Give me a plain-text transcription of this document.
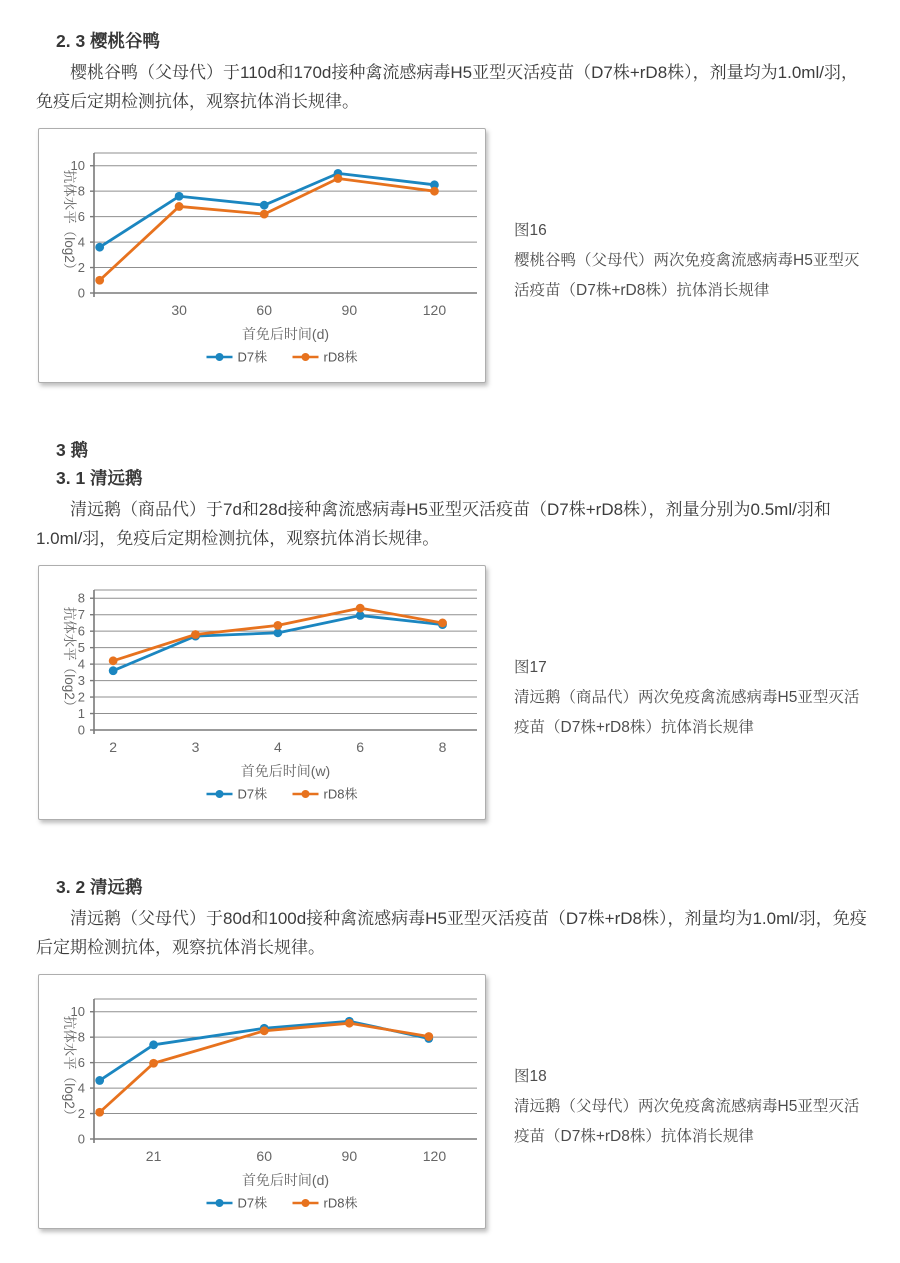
2. 3 樱桃谷鸭

樱桃谷鸭（父母代）于110d和170d接种禽流感病毒H5亚型灭活疫苗（D7株+rD8株），剂量均为1.0ml/羽，免疫后定期检测抗体，观察抗体消长规律。

0
2
4
6
8
10
抗体水平（log2）
30	60	90	120
首免后时间(d)
D7株	rD8株
图16
樱桃谷鸭（父母代）两次免疫禽流感病毒H5亚型灭活疫苗（D7株+rD8株）抗体消长规律
3 鹅
3. 1 清远鹅

清远鹅（商品代）于7d和28d接种禽流感病毒H5亚型灭活疫苗（D7株+rD8株），剂量分别为0.5ml/羽和1.0ml/羽，免疫后定期检测抗体，观察抗体消长规律。

0
1
2
3
4
5
6
7
8
抗体水平（log2）
2	3	4	6	8
首免后时间(w)
D7株	rD8株
图17
清远鹅（商品代）两次免疫禽流感病毒H5亚型灭活疫苗（D7株+rD8株）抗体消长规律
3. 2 清远鹅

清远鹅（父母代）于80d和100d接种禽流感病毒H5亚型灭活疫苗（D7株+rD8株），剂量均为1.0ml/羽，免疫后定期检测抗体，观察抗体消长规律。

0
2
4
6
8
10
抗体水平（log2）
21	60	90	120
首免后时间(d)
D7株	rD8株
图18
清远鹅（父母代）两次免疫禽流感病毒H5亚型灭活疫苗（D7株+rD8株）抗体消长规律
